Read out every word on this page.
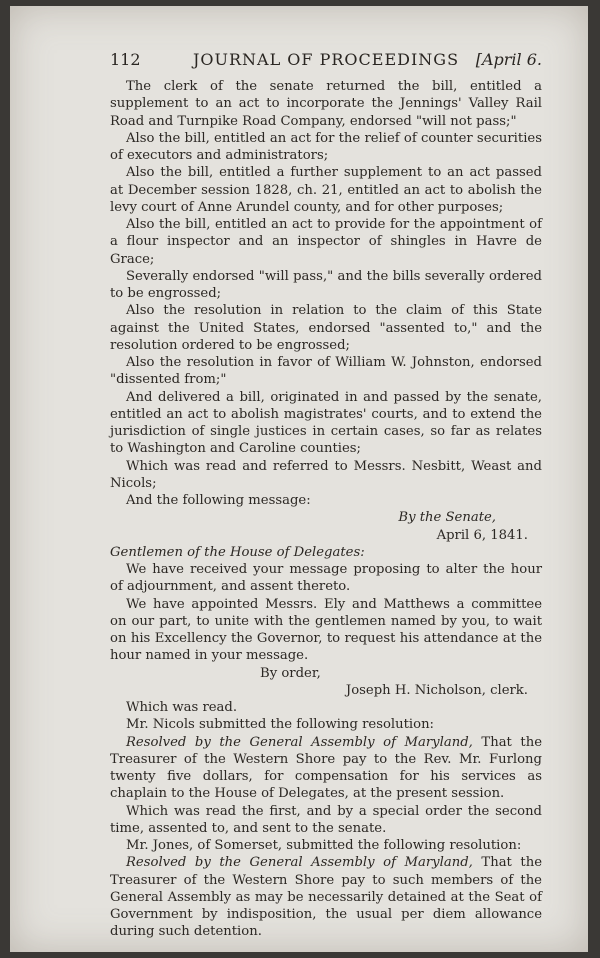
112	JOURNAL OF PROCEEDINGS	[April 6.

The clerk of the senate returned the bill, entitled a supplement to an act to incorporate the Jennings' Valley Rail Road and Turnpike Road Company, endorsed "will not pass;"

Also the bill, entitled an act for the relief of counter securities of executors and administrators;

Also the bill, entitled a further supplement to an act passed at December session 1828, ch. 21, entitled an act to abolish the levy court of Anne Arundel county, and for other purposes;

Also the bill, entitled an act to provide for the appointment of a flour inspector and an inspector of shingles in Havre de Grace;

Severally endorsed "will pass," and the bills severally ordered to be engrossed;

Also the resolution in relation to the claim of this State against the United States, endorsed "assented to," and the resolution ordered to be engrossed;

Also the resolution in favor of William W. Johnston, endorsed "dissented from;"

And delivered a bill, originated in and passed by the senate, entitled an act to abolish magistrates' courts, and to extend the jurisdiction of single justices in certain cases, so far as relates to Washington and Caroline counties;

Which was read and referred to Messrs. Nesbitt, Weast and Nicols;

And the following message:

By the Senate,

April 6, 1841.

Gentlemen of the House of Delegates:

We have received your message proposing to alter the hour of adjournment, and assent thereto.

We have appointed Messrs. Ely and Matthews a committee on our part, to unite with the gentlemen named by you, to wait on his Excellency the Governor, to request his attendance at the hour named in your message.

By order,

Joseph H. Nicholson, clerk.

Which was read.

Mr. Nicols submitted the following resolution:

Resolved by the General Assembly of Maryland, That the Treasurer of the Western Shore pay to the Rev. Mr. Furlong twenty five dollars, for compensation for his services as chaplain to the House of Delegates, at the present session.

Which was read the first, and by a special order the second time, assented to, and sent to the senate.

Mr. Jones, of Somerset, submitted the following resolution:

Resolved by the General Assembly of Maryland, That the Treasurer of the Western Shore pay to such members of the General Assembly as may be necessarily detained at the Seat of Government by indisposition, the usual per diem allowance during such detention.
